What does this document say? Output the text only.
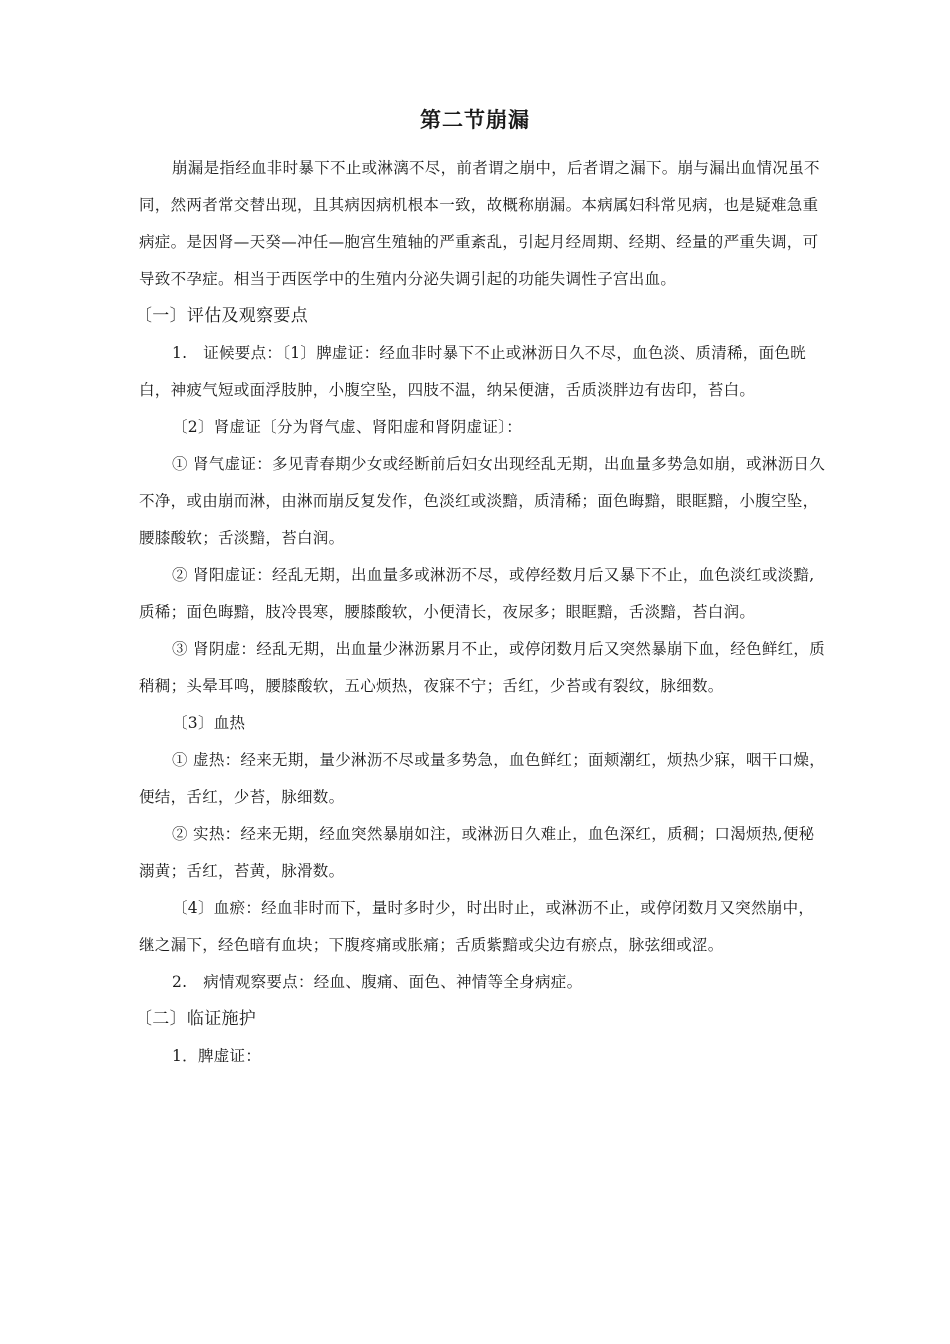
第二节崩漏

崩漏是指经血非时暴下不止或淋漓不尽，前者谓之崩中，后者谓之漏下。崩与漏出血情况虽不同，然两者常交替出现，且其病因病机根本一致，故概称崩漏。本病属妇科常见病，也是疑难急重病症。是因肾—天癸—冲任—胞宫生殖轴的严重紊乱，引起月经周期、经期、经量的严重失调，可导致不孕症。相当于西医学中的生殖内分泌失调引起的功能失调性子宫出血。

〔一〕评估及观察要点

1.　证候要点：〔1〕脾虚证：经血非时暴下不止或淋沥日久不尽，血色淡、质清稀，面色晄白，神疲气短或面浮肢肿，小腹空坠，四肢不温，纳呆便溏，舌质淡胖边有齿印，苔白。

〔2〕肾虚证〔分为肾气虚、肾阳虚和肾阴虚证〕：

① 肾气虚证：多见青春期少女或经断前后妇女出现经乱无期，出血量多势急如崩，或淋沥日久不净，或由崩而淋，由淋而崩反复发作，色淡红或淡黯，质清稀；面色晦黯，眼眶黯，小腹空坠，腰膝酸软；舌淡黯，苔白润。

② 肾阳虚证：经乱无期，出血量多或淋沥不尽，或停经数月后又暴下不止，血色淡红或淡黯,质稀；面色晦黯，肢冷畏寒，腰膝酸软，小便清长，夜尿多；眼眶黯，舌淡黯，苔白润。

③ 肾阴虚：经乱无期，出血量少淋沥累月不止，或停闭数月后又突然暴崩下血，经色鲜红，质稍稠；头晕耳鸣，腰膝酸软，五心烦热，夜寐不宁；舌红，少苔或有裂纹，脉细数。

〔3〕血热

① 虚热：经来无期，量少淋沥不尽或量多势急，血色鲜红；面颊潮红，烦热少寐，咽干口燥，便结，舌红，少苔，脉细数。

② 实热：经来无期，经血突然暴崩如注，或淋沥日久难止，血色深红，质稠；口渴烦热,便秘溺黄；舌红，苔黄，脉滑数。

〔4〕血瘀：经血非时而下，量时多时少，时出时止，或淋沥不止，或停闭数月又突然崩中，继之漏下，经色暗有血块；下腹疼痛或胀痛；舌质紫黯或尖边有瘀点，脉弦细或涩。

2.　病情观察要点：经血、腹痛、面色、神情等全身病症。

〔二〕临证施护

1．脾虚证：
